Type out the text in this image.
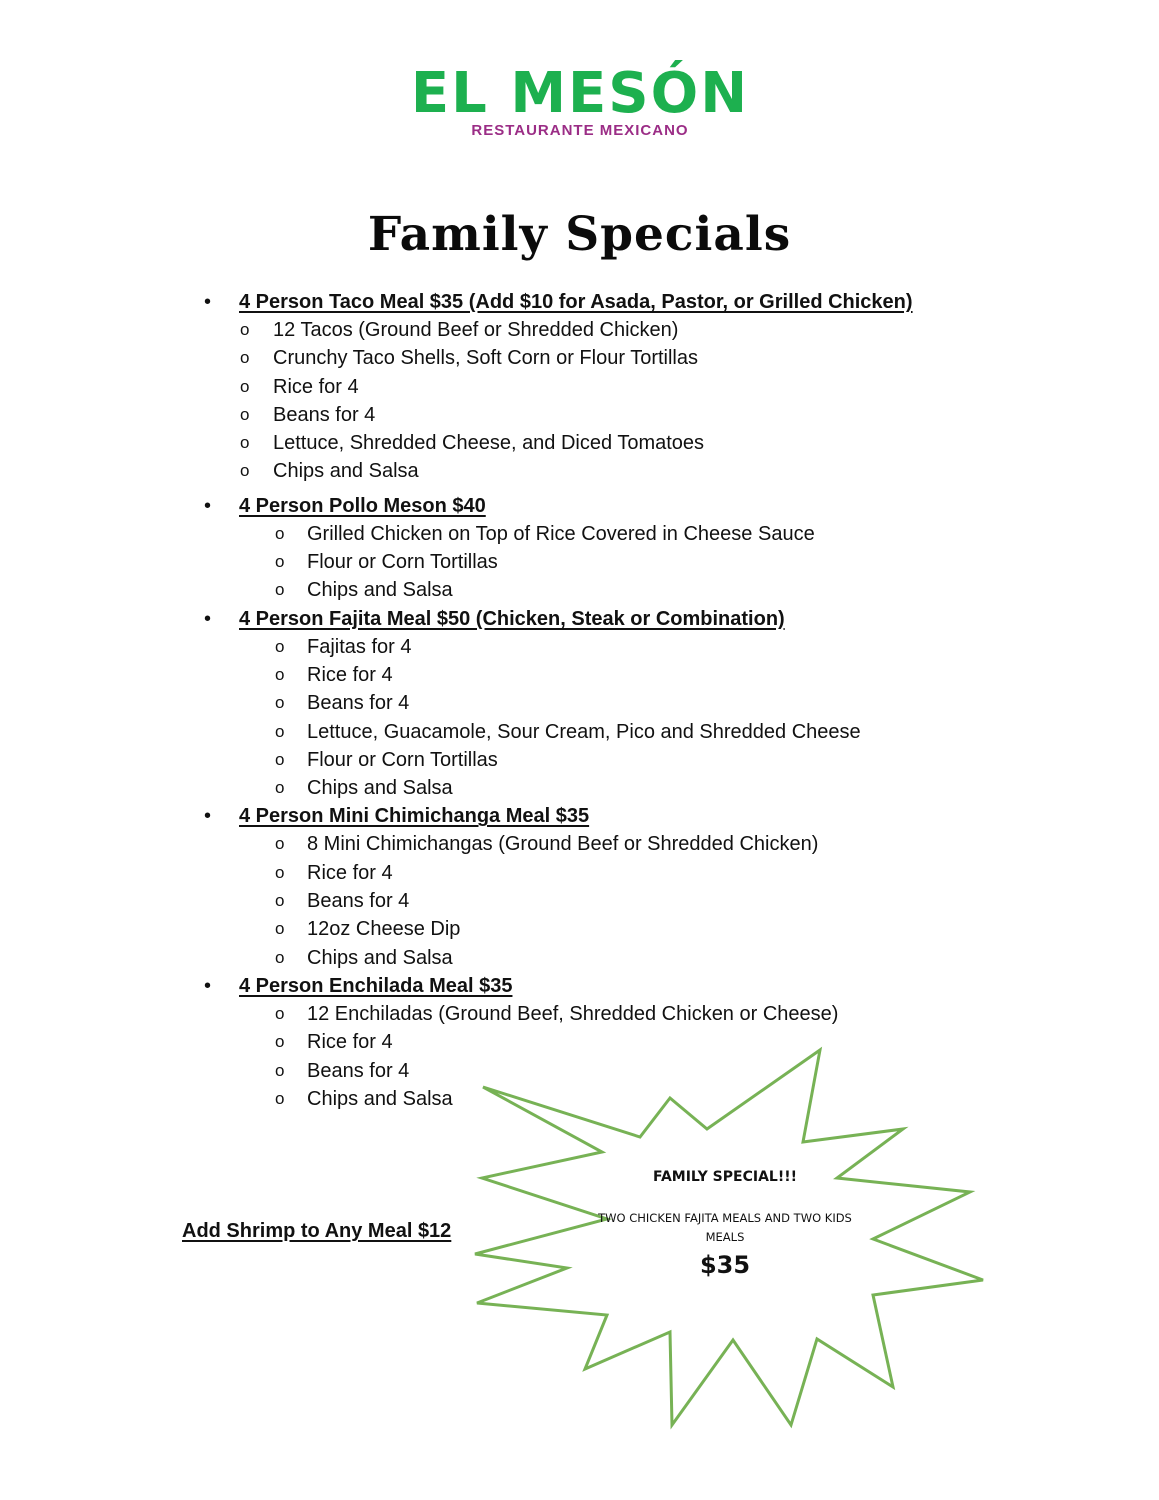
EL MESÓN
RESTAURANTE MEXICANO
Family Specials
• 4 Person Taco Meal $35 (Add $10 for Asada, Pastor, or Grilled Chicken)
o 12 Tacos (Ground Beef or Shredded Chicken)
o Crunchy Taco Shells, Soft Corn or Flour Tortillas
o Rice for 4
o Beans for 4
o Lettuce, Shredded Cheese, and Diced Tomatoes
o Chips and Salsa
• 4 Person Pollo Meson $40
o Grilled Chicken on Top of Rice Covered in Cheese Sauce
o Flour or Corn Tortillas
o Chips and Salsa
• 4 Person Fajita Meal $50 (Chicken, Steak or Combination)
o Fajitas for 4
o Rice for 4
o Beans for 4
o Lettuce, Guacamole, Sour Cream, Pico and Shredded Cheese
o Flour or Corn Tortillas
o Chips and Salsa
• 4 Person Mini Chimichanga Meal $35
o 8 Mini Chimichangas (Ground Beef or Shredded Chicken)
o Rice for 4
o Beans for 4
o 12oz Cheese Dip
o Chips and Salsa
• 4 Person Enchilada Meal $35
o 12 Enchiladas (Ground Beef, Shredded Chicken or Cheese)
o Rice for 4
o Beans for 4
o Chips and Salsa
Add Shrimp to Any Meal $12
FAMILY SPECIAL!!!
TWO CHICKEN FAJITA MEALS AND TWO KIDS MEALS
$35
